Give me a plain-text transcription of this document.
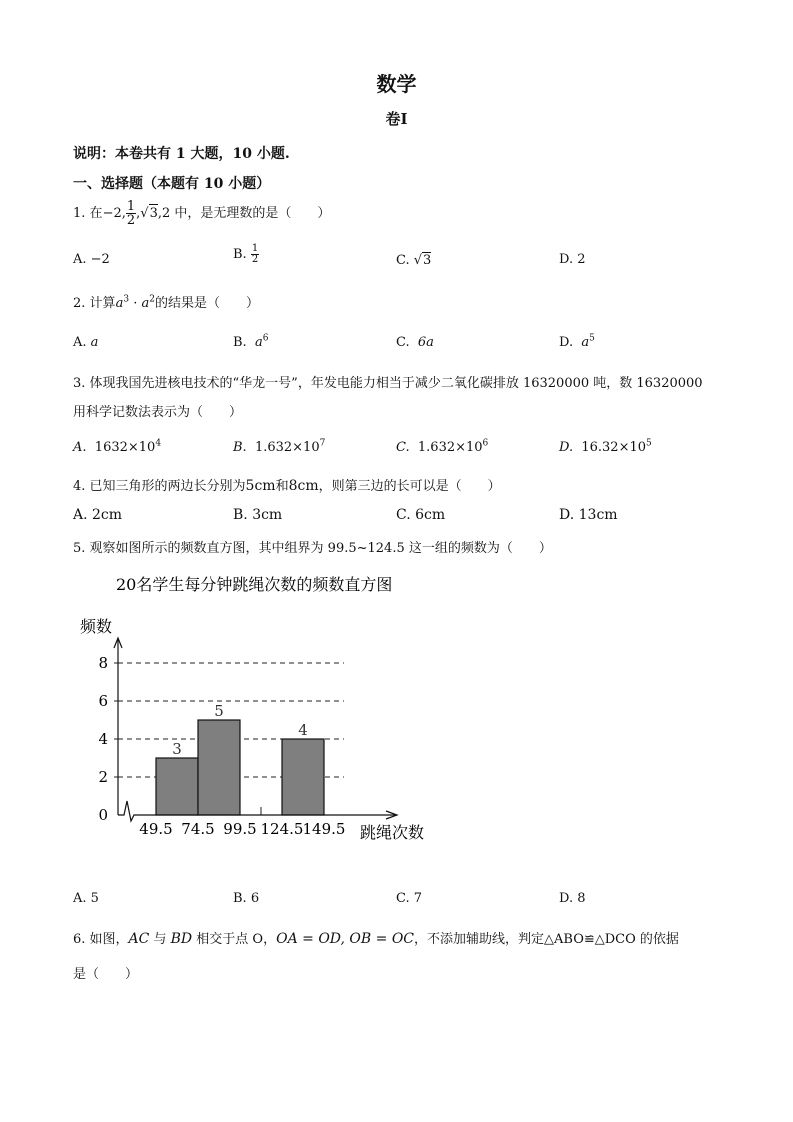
数学
卷Ⅰ
说明：本卷共有 1 大题，10 小题.
一、选择题（本题有 10 小题）
1. 在−2, $\frac{1}{2} ,√3,2$ 中，是无理数的是（　　）
A. −2	B. $\frac{1}{2}$	C. √3	D. 2
2. 计算$a^3 \cdot a^2$的结果是（　　）
A. a	B. $a^6$	C. 6a	D. $a^5$
3. 体现我国先进核电技术的“华龙一号”，年发电能力相当于减少二氧化碳排放 16320000 吨，数 16320000
用科学记数法表示为（　　）
A. $1632\times 10^4$	B. $1.632\times 10^7$	C. $1.632\times 10^6$	D. $16.32\times 10^5$
4. 已知三角形的两边长分别为5cm和8cm，则第三边的长可以是（　　）
A. 2cm	B. 3cm	C. 6cm	D. 13cm
5. 观察如图所示的频数直方图，其中组界为 99.5~124.5 这一组的频数为（　　）
20名学生每分钟跳绳次数的频数直方图
频数
跳绳次数
3
5
4
0
2
4
6
8
49.5 74.5 99.5 124.5 149.5
A. 5	B. 6	C. 7	D. 8
6. 如图，AC 与 BD 相交于点 O，OA = OD, OB = OC，不添加辅助线，判定△ABO≌△DCO 的依据
是（　　）
